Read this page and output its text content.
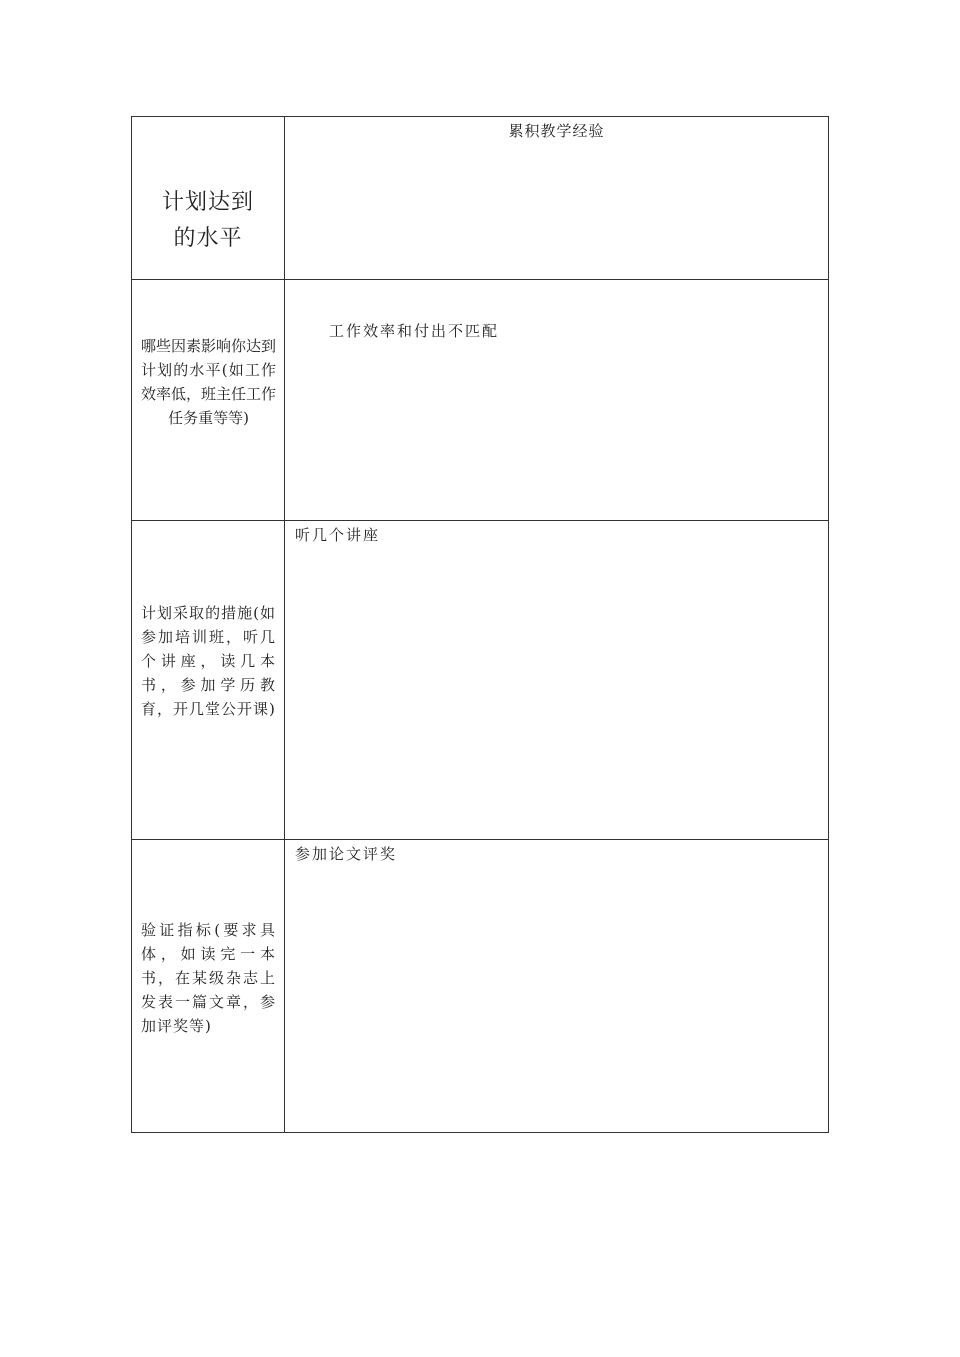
计划达到
的水平	累积教学经验

哪些因素影响你达到计划的水平(如工作效率低，班主任工作任务重等等)	工作效率和付出不匹配

计划采取的措施(如参加培训班，听几个讲座，读几本书，参加学历教育，开几堂公开课)	听几个讲座

验证指标(要求具体，如读完一本书，在某级杂志上发表一篇文章，参加评奖等)	参加论文评奖
